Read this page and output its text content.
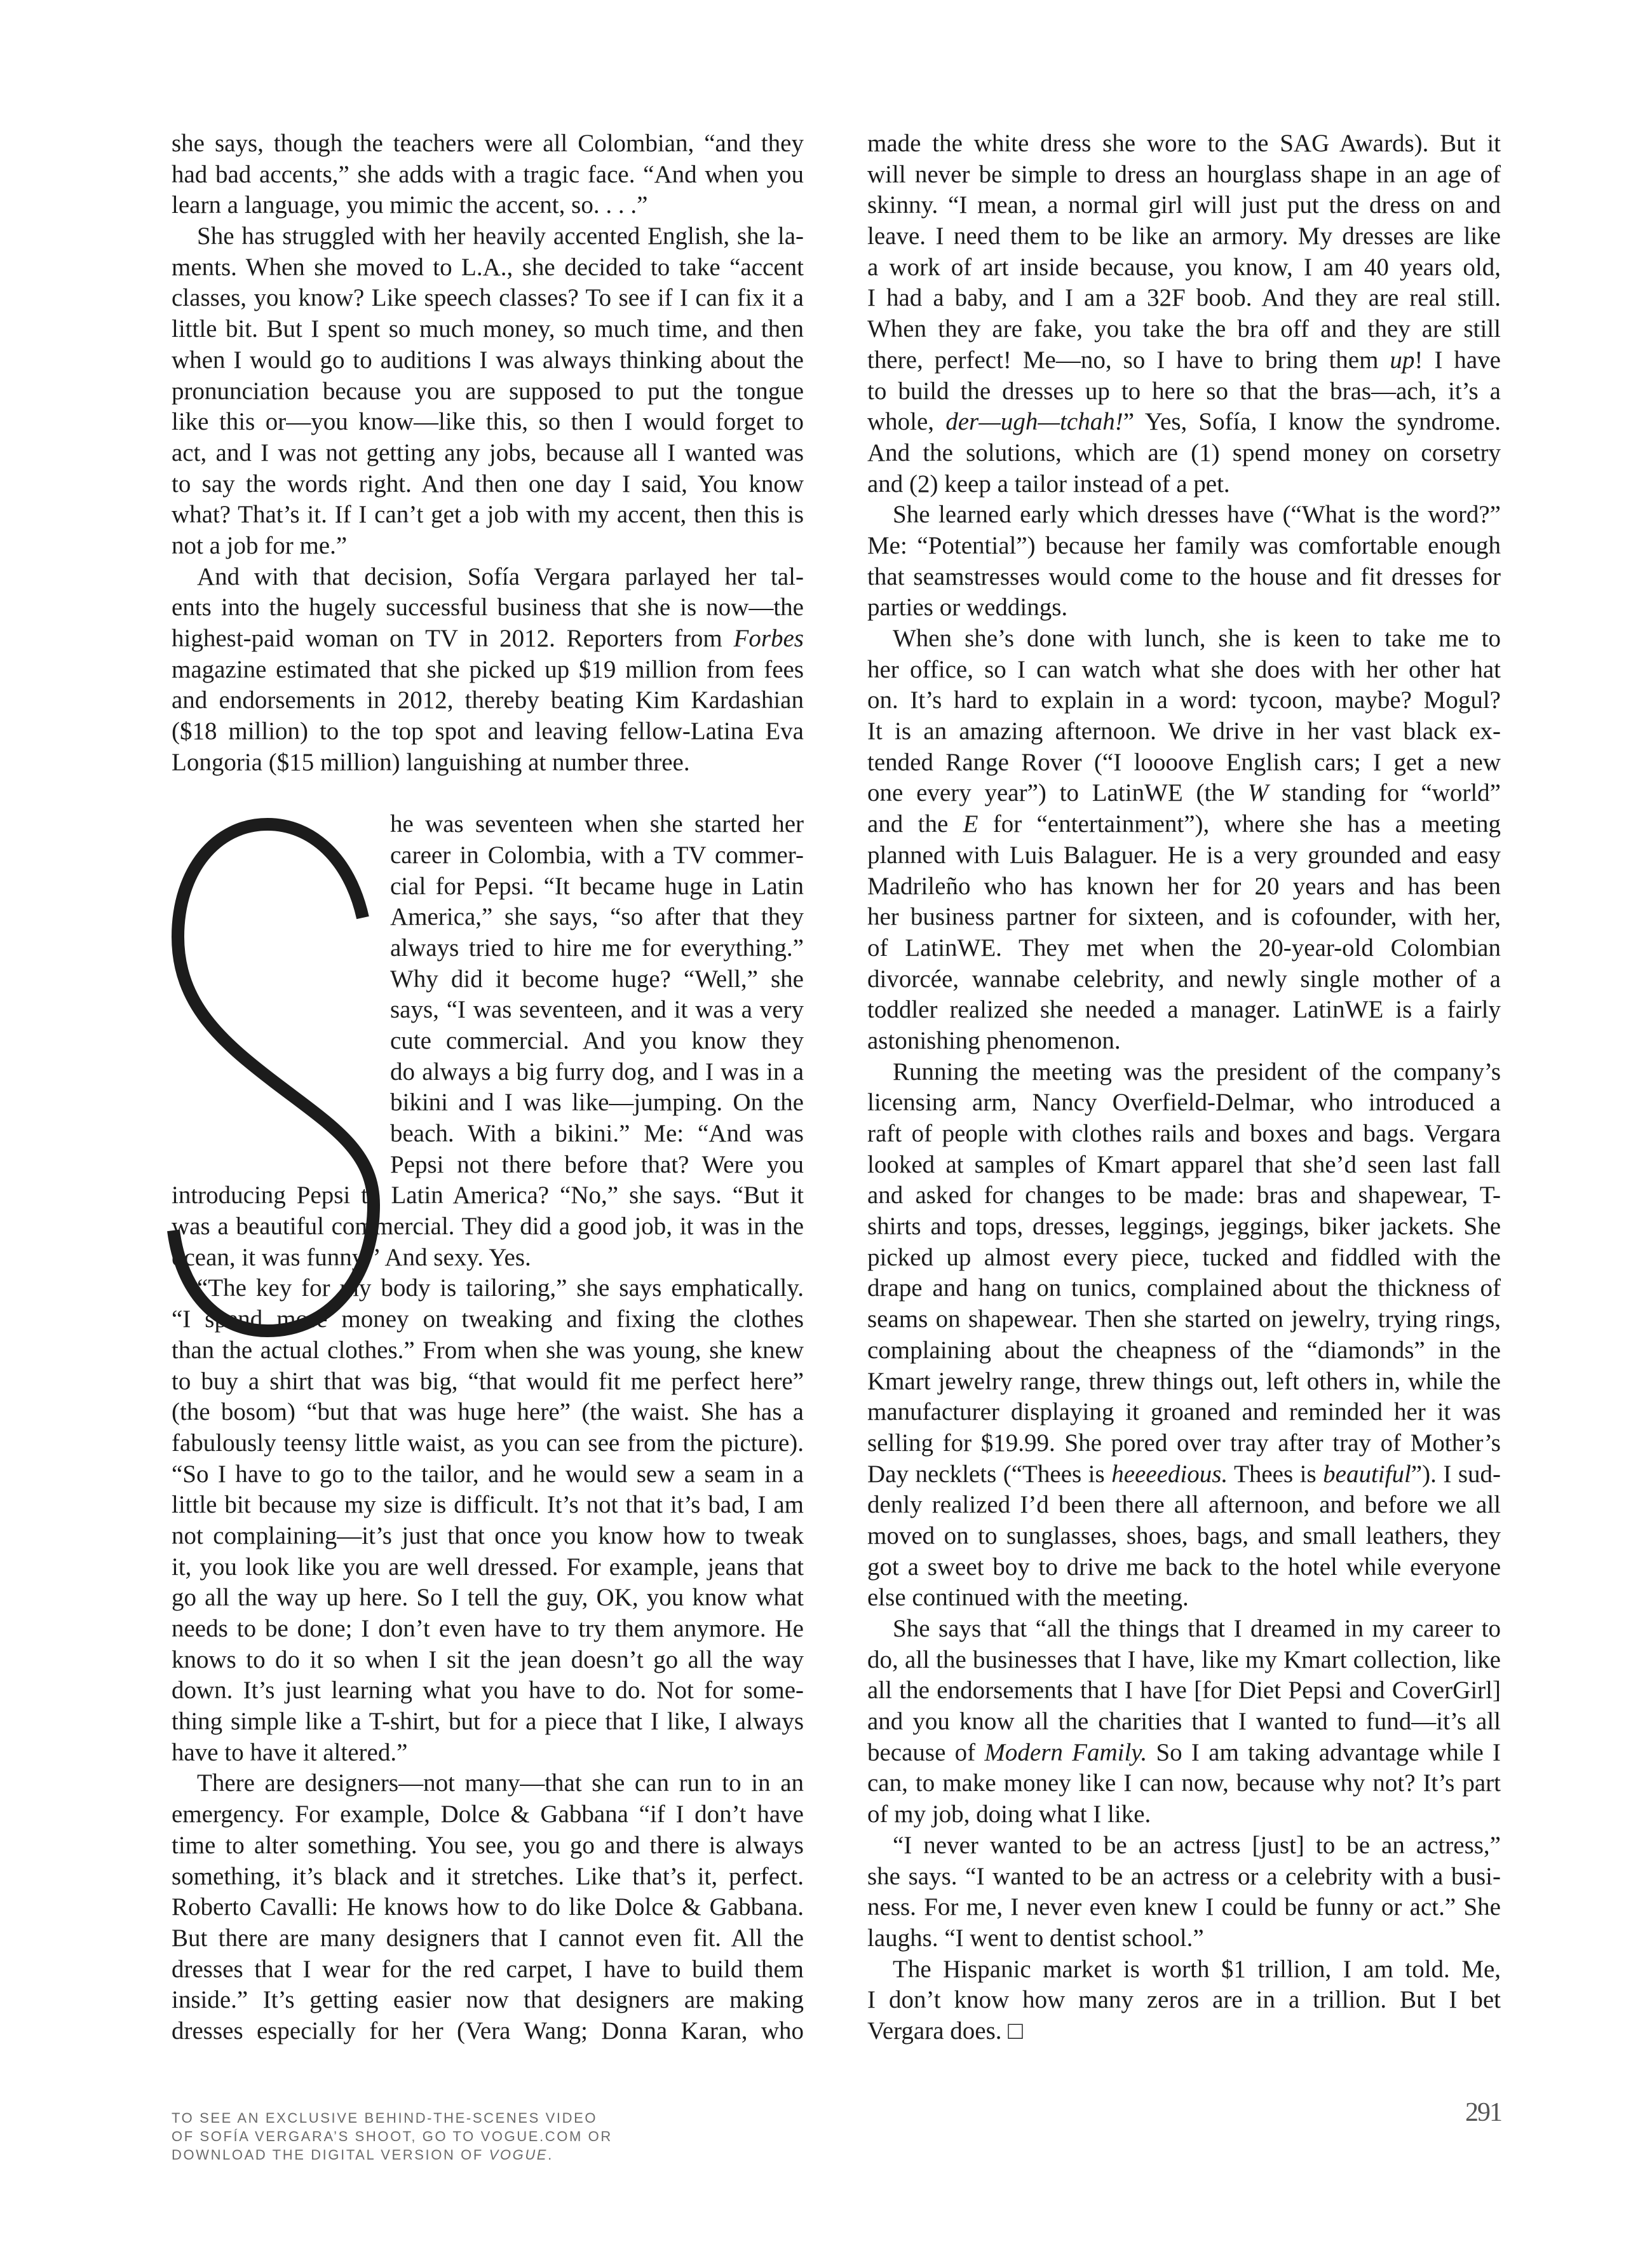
she says, though the teachers were all Colombian, “and they
had bad accents,” she adds with a tragic face. “And when you
learn a language, you mimic the accent, so. . . .”
She has struggled with her heavily accented English, she la-
ments. When she moved to L.A., she decided to take “accent
classes, you know? Like speech classes? To see if I can fix it a
little bit. But I spent so much money, so much time, and then
when I would go to auditions I was always thinking about the
pronunciation because you are supposed to put the tongue
like this or—you know—like this, so then I would forget to
act, and I was not getting any jobs, because all I wanted was
to say the words right. And then one day I said, You know
what? That’s it. If I can’t get a job with my accent, then this is
not a job for me.”
And with that decision, Sofía Vergara parlayed her tal-
ents into the hugely successful business that she is now—the
highest-paid woman on TV in 2012. Reporters from Forbes
magazine estimated that she picked up $19 million from fees
and endorsements in 2012, thereby beating Kim Kardashian
($18 million) to the top spot and leaving fellow-Latina Eva
Longoria ($15 million) languishing at number three.
he was seventeen when she started her
career in Colombia, with a TV commer-
cial for Pepsi. “It became huge in Latin
America,” she says, “so after that they
always tried to hire me for everything.”
Why did it become huge? “Well,” she
says, “I was seventeen, and it was a very
cute commercial. And you know they
do always a big furry dog, and I was in a
bikini and I was like—jumping. On the
beach. With a bikini.” Me: “And was
Pepsi not there before that? Were you
introducing Pepsi to Latin America? “No,” she says. “But it
was a beautiful commercial. They did a good job, it was in the
ocean, it was funny.” And sexy. Yes.
“The key for my body is tailoring,” she says emphatically.
“I spend more money on tweaking and fixing the clothes
than the actual clothes.” From when she was young, she knew
to buy a shirt that was big, “that would fit me perfect here”
(the bosom) “but that was huge here” (the waist. She has a
fabulously teensy little waist, as you can see from the picture).
“So I have to go to the tailor, and he would sew a seam in a
little bit because my size is difficult. It’s not that it’s bad, I am
not complaining—it’s just that once you know how to tweak
it, you look like you are well dressed. For example, jeans that
go all the way up here. So I tell the guy, OK, you know what
needs to be done; I don’t even have to try them anymore. He
knows to do it so when I sit the jean doesn’t go all the way
down. It’s just learning what you have to do. Not for some-
thing simple like a T-shirt, but for a piece that I like, I always
have to have it altered.”
There are designers—not many—that she can run to in an
emergency. For example, Dolce & Gabbana “if I don’t have
time to alter something. You see, you go and there is always
something, it’s black and it stretches. Like that’s it, perfect.
Roberto Cavalli: He knows how to do like Dolce & Gabbana.
But there are many designers that I cannot even fit. All the
dresses that I wear for the red carpet, I have to build them
inside.” It’s getting easier now that designers are making
dresses especially for her (Vera Wang; Donna Karan, who
made the white dress she wore to the SAG Awards). But it
will never be simple to dress an hourglass shape in an age of
skinny. “I mean, a normal girl will just put the dress on and
leave. I need them to be like an armory. My dresses are like
a work of art inside because, you know, I am 40 years old,
I had a baby, and I am a 32F boob. And they are real still.
When they are fake, you take the bra off and they are still
there, perfect! Me—no, so I have to bring them up! I have
to build the dresses up to here so that the bras—ach, it’s a
whole, der—ugh—tchah!” Yes, Sofía, I know the syndrome.
And the solutions, which are (1) spend money on corsetry
and (2) keep a tailor instead of a pet.
She learned early which dresses have (“What is the word?”
Me: “Potential”) because her family was comfortable enough
that seamstresses would come to the house and fit dresses for
parties or weddings.
When she’s done with lunch, she is keen to take me to
her office, so I can watch what she does with her other hat
on. It’s hard to explain in a word: tycoon, maybe? Mogul?
It is an amazing afternoon. We drive in her vast black ex-
tended Range Rover (“I loooove English cars; I get a new
one every year”) to LatinWE (the W standing for “world”
and the E for “entertainment”), where she has a meeting
planned with Luis Balaguer. He is a very grounded and easy
Madrileño who has known her for 20 years and has been
her business partner for sixteen, and is cofounder, with her,
of LatinWE. They met when the 20-year-old Colombian
divorcée, wannabe celebrity, and newly single mother of a
toddler realized she needed a manager. LatinWE is a fairly
astonishing phenomenon.
Running the meeting was the president of the company’s
licensing arm, Nancy Overfield-Delmar, who introduced a
raft of people with clothes rails and boxes and bags. Vergara
looked at samples of Kmart apparel that she’d seen last fall
and asked for changes to be made: bras and shapewear, T-
shirts and tops, dresses, leggings, jeggings, biker jackets. She
picked up almost every piece, tucked and fiddled with the
drape and hang on tunics, complained about the thickness of
seams on shapewear. Then she started on jewelry, trying rings,
complaining about the cheapness of the “diamonds” in the
Kmart jewelry range, threw things out, left others in, while the
manufacturer displaying it groaned and reminded her it was
selling for $19.99. She pored over tray after tray of Mother’s
Day necklets (“Thees is heeeedious. Thees is beautiful”). I sud-
denly realized I’d been there all afternoon, and before we all
moved on to sunglasses, shoes, bags, and small leathers, they
got a sweet boy to drive me back to the hotel while everyone
else continued with the meeting.
She says that “all the things that I dreamed in my career to
do, all the businesses that I have, like my Kmart collection, like
all the endorsements that I have [for Diet Pepsi and CoverGirl]
and you know all the charities that I wanted to fund—it’s all
because of Modern Family. So I am taking advantage while I
can, to make money like I can now, because why not? It’s part
of my job, doing what I like.
“I never wanted to be an actress [just] to be an actress,”
she says. “I wanted to be an actress or a celebrity with a busi-
ness. For me, I never even knew I could be funny or act.” She
laughs. “I went to dentist school.”
The Hispanic market is worth $1 trillion, I am told. Me,
I don’t know how many zeros are in a trillion. But I bet
Vergara does. □
TO SEE AN EXCLUSIVE BEHIND-THE-SCENES VIDEO
OF SOFÍA VERGARA’S SHOOT, GO TO VOGUE.COM OR
DOWNLOAD THE DIGITAL VERSION OF VOGUE.
291
